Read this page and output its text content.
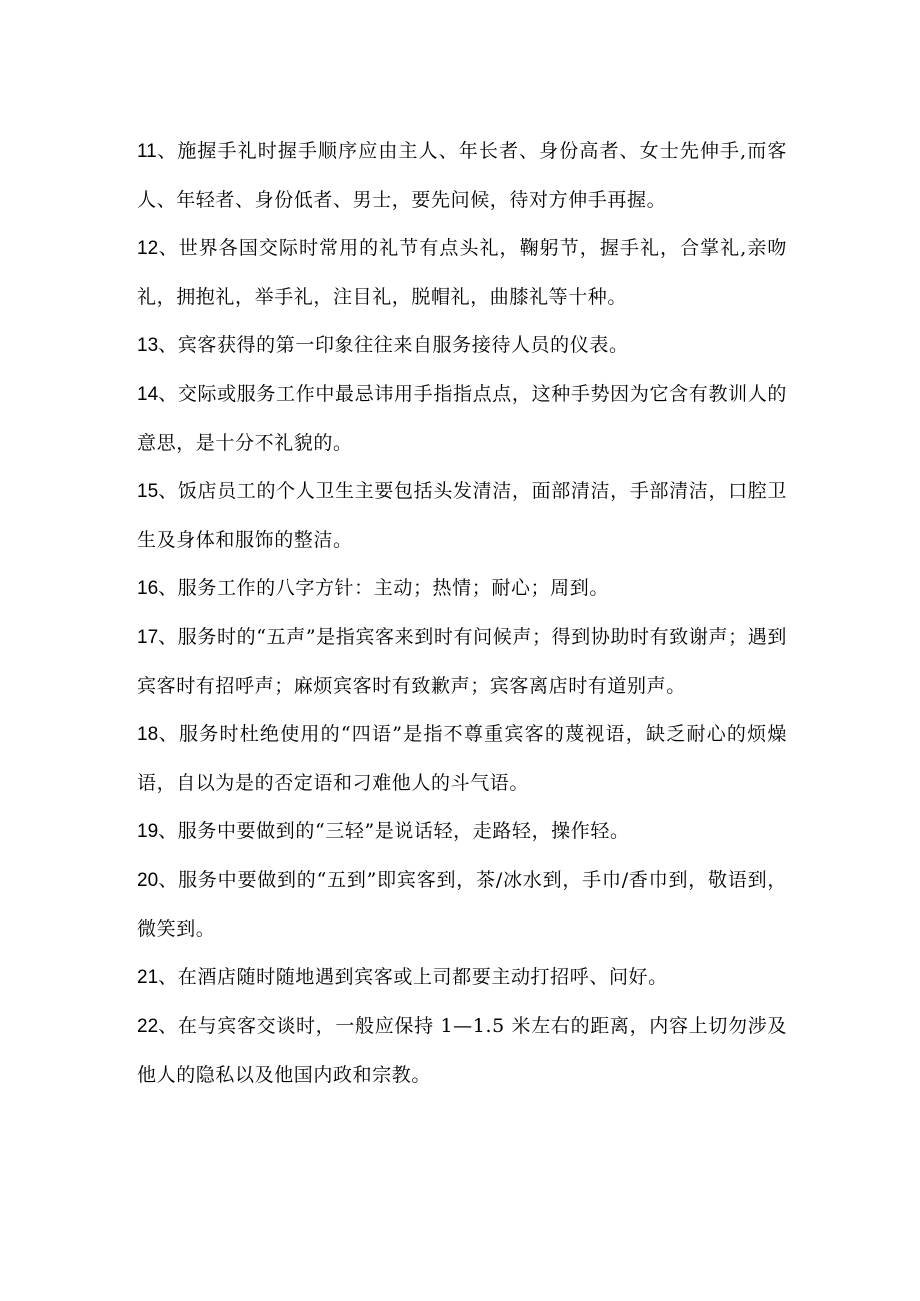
11、施握手礼时握手顺序应由主人、年长者、身份高者、女士先伸手,而客人、年轻者、身份低者、男士，要先问候，待对方伸手再握。

12、世界各国交际时常用的礼节有点头礼，鞠躬节，握手礼，合掌礼,亲吻礼，拥抱礼，举手礼，注目礼，脱帽礼，曲膝礼等十种。

13、宾客获得的第一印象往往来自服务接待人员的仪表。

14、交际或服务工作中最忌讳用手指指点点，这种手势因为它含有教训人的意思，是十分不礼貌的。

15、饭店员工的个人卫生主要包括头发清洁，面部清洁，手部清洁，口腔卫生及身体和服饰的整洁。

16、服务工作的八字方针：主动；热情；耐心；周到。

17、服务时的“五声”是指宾客来到时有问候声；得到协助时有致谢声；遇到宾客时有招呼声；麻烦宾客时有致歉声；宾客离店时有道别声。

18、服务时杜绝使用的“四语”是指不尊重宾客的蔑视语，缺乏耐心的烦燥语，自以为是的否定语和刁难他人的斗气语。

19、服务中要做到的“三轻”是说话轻，走路轻，操作轻。

20、服务中要做到的“五到”即宾客到，茶/冰水到，手巾/香巾到，敬语到，微笑到。

21、在酒店随时随地遇到宾客或上司都要主动打招呼、问好。

22、在与宾客交谈时，一般应保持 1—1.5 米左右的距离，内容上切勿涉及他人的隐私以及他国内政和宗教。
